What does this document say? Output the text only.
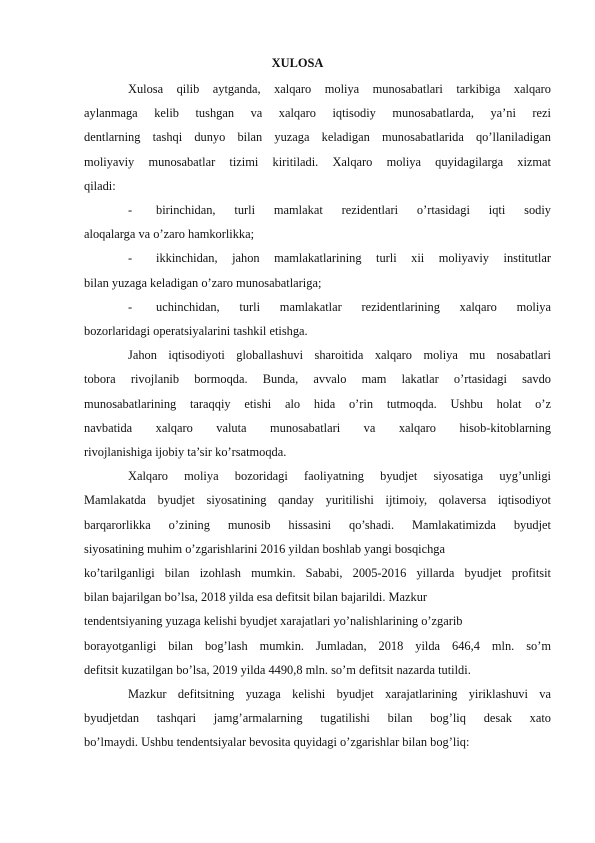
XULOSA
Xulosa qilib aytganda, xalqaro moliya munosabatlari tarkibiga xalqaro
aylanmaga kelib tushgan va xalqaro iqtisodiy munosabatlarda, ya’ni rezi
dentlarning tashqi dunyo bilan yuzaga keladigan munosabatlarida qo’llaniladigan
moliyaviy munosabatlar tizimi kiritiladi. Xalqaro moliya quyidagilarga xizmat
qiladi:
-	birinchidan, turli mamlakat rezidentlari o’rtasidagi iqti sodiy
aloqalarga va o’zaro hamkorlikka;
-	ikkinchidan, jahon mamlakatlarining turli xii moliyaviy institutlar
bilan yuzaga keladigan o’zaro munosabatlariga;
-	uchinchidan, turli mamlakatlar rezidentlarining xalqaro moliya
bozorlaridagi operatsiyalarini tashkil etishga.
Jahon iqtisodiyoti globallashuvi sharoitida xalqaro moliya mu nosabatlari
tobora rivojlanib bormoqda. Bunda, avvalo mam lakatlar o’rtasidagi savdo
munosabatlarining taraqqiy etishi alo hida o’rin tutmoqda. Ushbu holat o’z
navbatida xalqaro valuta munosabatlari va xalqaro hisob-kitoblarning
rivojlanishiga ijobiy ta’sir ko’rsatmoqda.
Xalqaro moliya bozoridagi faoliyatning byudjet siyosatiga uyg’unligi
Mamlakatda byudjet siyosatining qanday yuritilishi ijtimoiy, qolaversa iqtisodiyot
barqarorlikka o’zining munosib hissasini qo’shadi. Mamlakatimizda byudjet
siyosatining muhim o’zgarishlarini 2016 yildan boshlab yangi bosqichga
ko’tarilganligi bilan izohlash mumkin. Sababi, 2005-2016 yillarda byudjet profitsit
bilan bajarilgan bo’lsa, 2018 yilda esa defitsit bilan bajarildi. Mazkur
tendentsiyaning yuzaga kelishi byudjet xarajatlari yo’nalishlarining o’zgarib
borayotganligi bilan bog’lash mumkin. Jumladan, 2018 yilda 646,4 mln. so’m
defitsit kuzatilgan bo’lsa, 2019 yilda 4490,8 mln. so’m defitsit nazarda tutildi.
Mazkur defitsitning yuzaga kelishi byudjet xarajatlarining yiriklashuvi va
byudjetdan tashqari jamg’armalarning tugatilishi bilan bog’liq desak xato
bo’lmaydi. Ushbu tendentsiyalar bevosita quyidagi o’zgarishlar bilan bog’liq:
